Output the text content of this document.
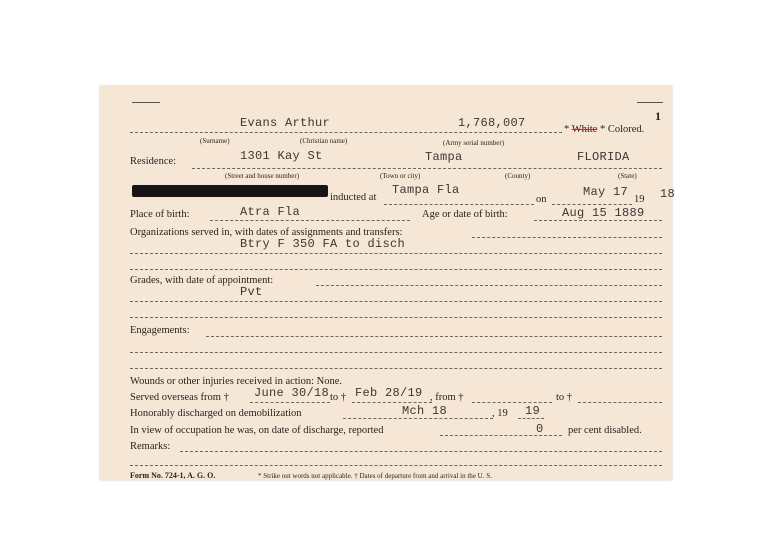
1
Evans Arthur	1,768,007	* White * Colored.
(Surname)	(Christian name)	(Army serial number)
Residence:	1301 Kay St	Tampa	FLORIDA
(Street and house number)	(Town or city)	(County)	(State)
inducted at
Tampa Fla
on
May 17
19 18
Place of birth:	Atra Fla	Age or date of birth:	Aug 15 1889
Organizations served in, with dates of assignments and transfers:
Btry F 350 FA to disch
Grades, with date of appointment:
Pvt
Engagements:
Wounds or other injuries received in action: None.
Served overseas from † June 30/18 to † Feb 28/19 , from †	to †
Honorably discharged on demobilization	Mch 18	, 19 19
In view of occupation he was, on date of discharge, reported	0 per cent disabled.
Remarks:
Form No. 724-1, A. G. O.	* Strike out words not applicable. † Dates of departure from and arrival in the U. S.
